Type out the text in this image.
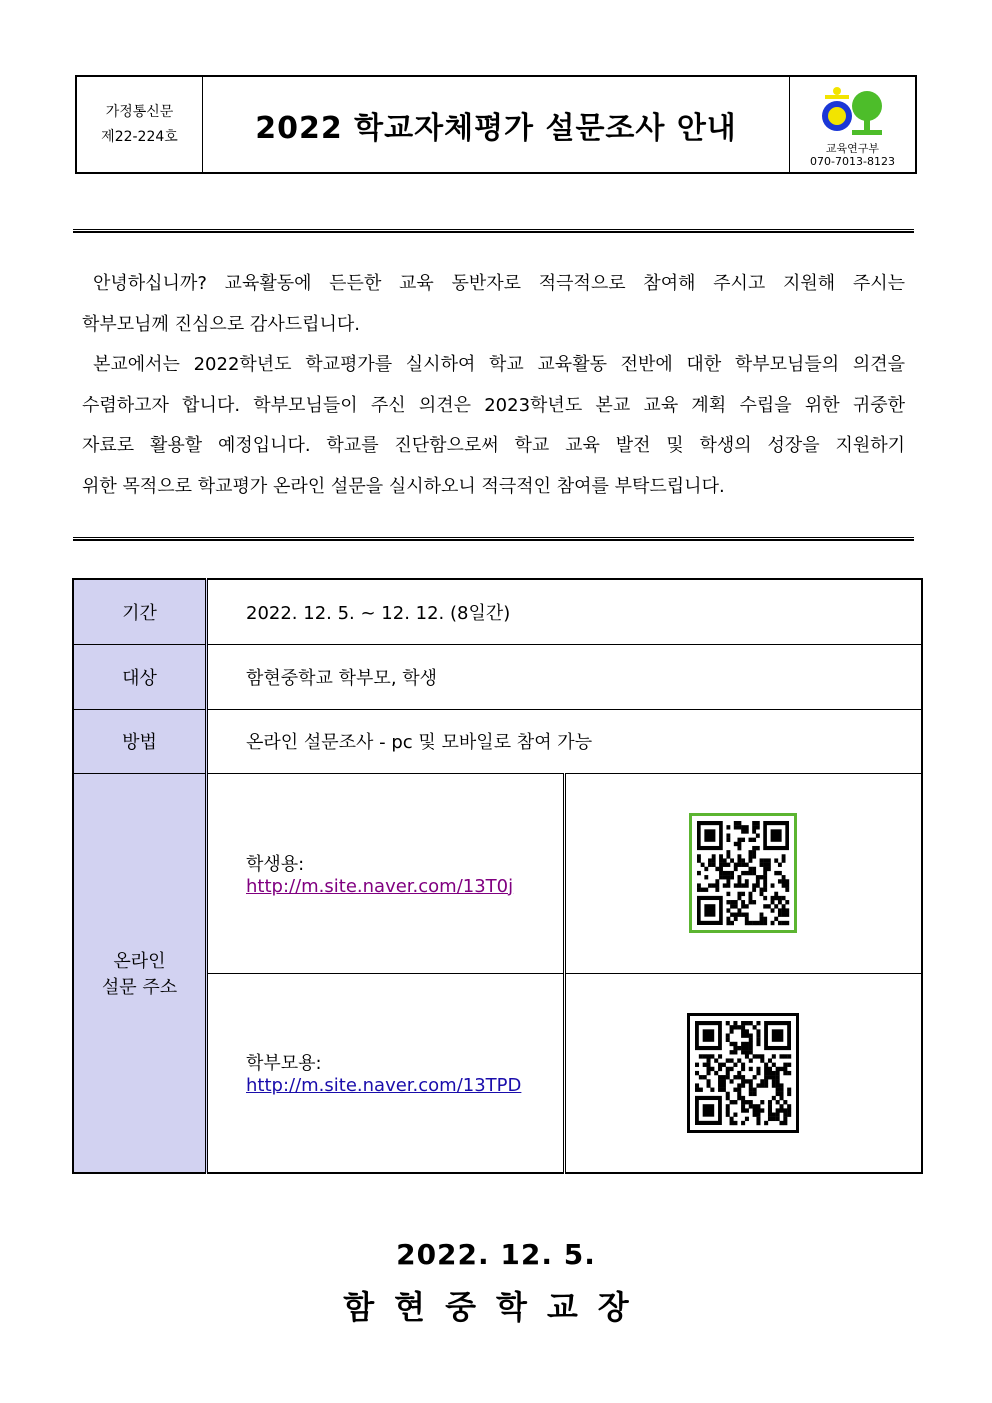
가정통신문
제22-224호	2022 학교자체평가 설문조사 안내
교육연구부
070-7013-8123

안녕하십니까? 교육활동에 든든한 교육 동반자로 적극적으로 참여해 주시고 지원해 주시는

학부모님께 진심으로 감사드립니다.

본교에서는 2022학년도 학교평가를 실시하여 학교 교육활동 전반에 대한 학부모님들의 의견을

수렴하고자 합니다. 학부모님들이 주신 의견은 2023학년도 본교 교육 계획 수립을 위한 귀중한

자료로 활용할 예정입니다. 학교를 진단함으로써 학교 교육 발전 및 학생의 성장을 지원하기

위한 목적으로 학교평가 온라인 설문을 실시하오니 적극적인 참여를 부탁드립니다.

기간	2022. 12. 5. ~ 12. 12. (8일간)	
대상	함현중학교 학부모, 학생	
방법	온라인 설문조사 - pc 및 모바일로 참여 가능	

온라인
설문 주소	학생용: http://m.site.naver.com/13T0j	
	학부모용: http://m.site.naver.com/13TPD	
2022. 12. 5.
함현중학교장
